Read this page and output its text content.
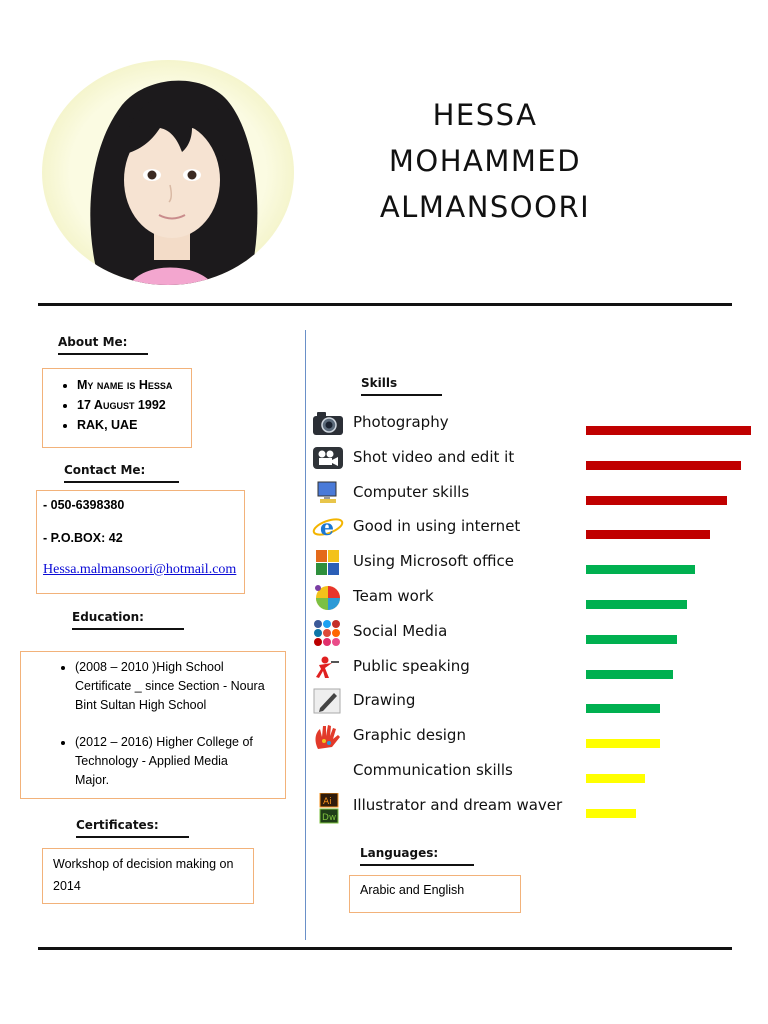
HESSA
MOHAMMED
ALMANSOORI
About Me:
• My name is Hessa
• 17 August 1992
• RAK, UAE
Contact Me:
- 050-6398380
- P.O.BOX: 42
Hessa.malmansoori@hotmail.com
Education:
• (2008 – 2010 )High School Certificate _ since Section - Noura Bint Sultan High School
• (2012 – 2016) Higher College of Technology - Applied Media Major.
Certificates:
Workshop of decision making on 2014
Skills
Photography
Shot video and edit it
Computer skills
e Good in using internet
Using Microsoft office
Team work
Social Media
Public speaking
Drawing
Graphic design
Communication skills
Ai
Dw
Illustrator and dream waver
Languages:
Arabic and English
